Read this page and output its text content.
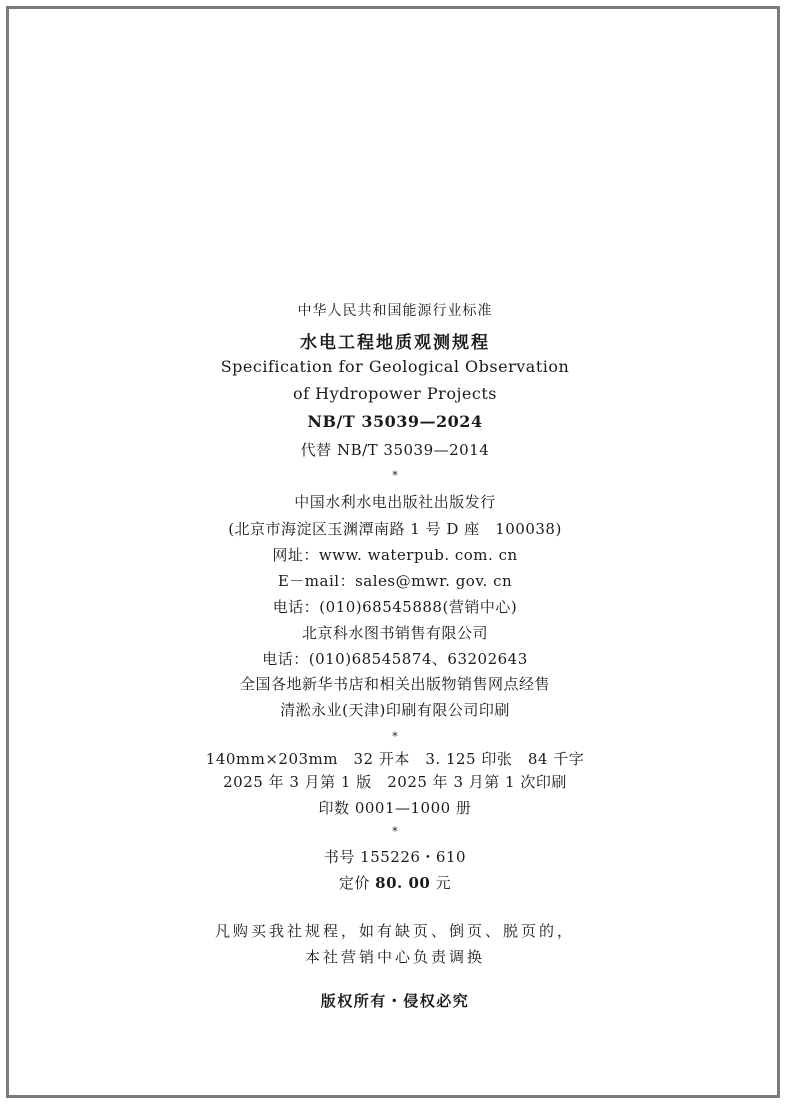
中华人民共和国能源行业标准
水电工程地质观测规程
Specification for Geological Observation
of Hydropower Projects
NB/T 35039—2024
代替 NB/T 35039—2014
*
中国水利水电出版社出版发行
(北京市海淀区玉渊潭南路 1 号 D 座　100038)
网址：www. waterpub. com. cn
E－mail：sales@mwr. gov. cn
电话：(010)68545888(营销中心)
北京科水图书销售有限公司
电话：(010)68545874、63202643
全国各地新华书店和相关出版物销售网点经售
清淞永业(天津)印刷有限公司印刷
*
140mm×203mm　32 开本　3. 125 印张　84 千字
2025 年 3 月第 1 版　2025 年 3 月第 1 次印刷
印数 0001—1000 册
*
书号 155226・610
定价 80. 00 元
凡购买我社规程，如有缺页、倒页、脱页的，
本社营销中心负责调换
版权所有・侵权必究
